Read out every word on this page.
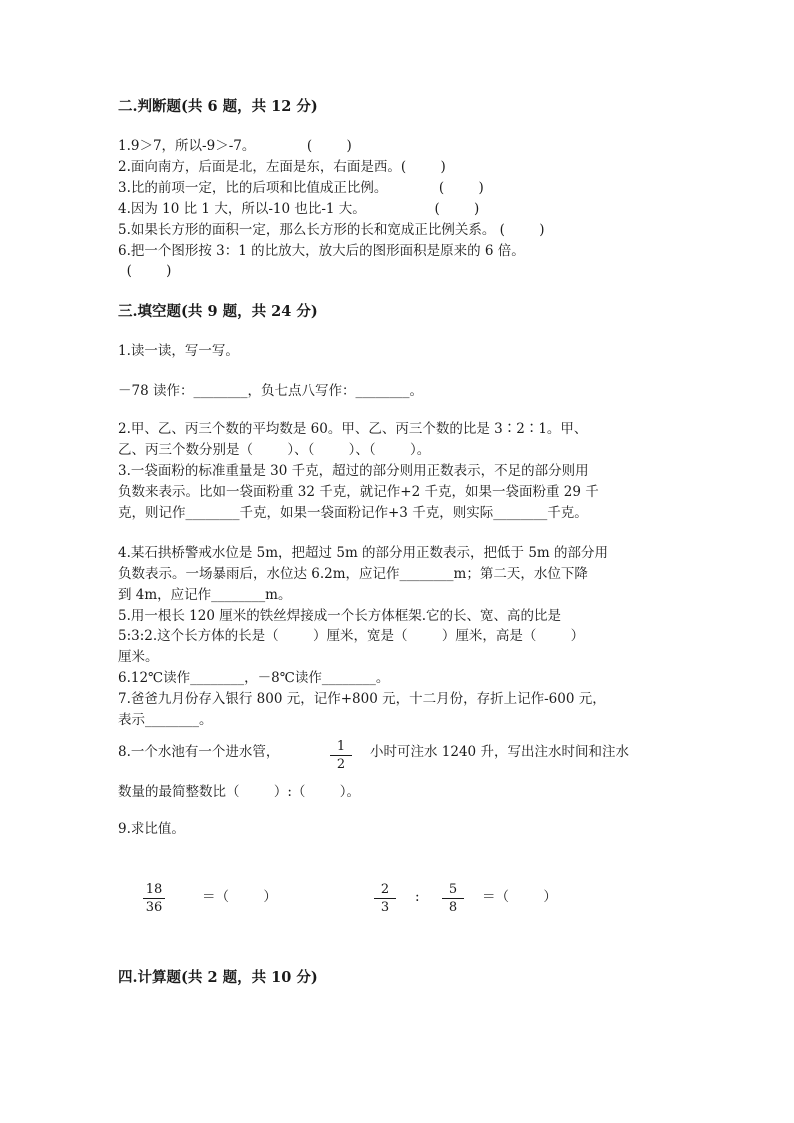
二.判断题(共 6 题，共 12 分)
1.9＞7，所以-9＞-7。            (        )
2.面向南方，后面是北，左面是东，右面是西。(        )
3.比的前项一定，比的后项和比值成正比例。            (        )
4.因为 10 比 1 大，所以-10 也比-1 大。                (        )
5.如果长方形的面积一定，那么长方形的长和宽成正比例关系。 (        )
6.把一个图形按 3：1 的比放大，放大后的图形面积是原来的 6 倍。
(        )
三.填空题(共 9 题，共 24 分)
1.读一读，写一写。
－78 读作：________，负七点八写作：________。
2.甲、乙、丙三个数的平均数是 60。甲、乙、丙三个数的比是 3∶2∶1。甲、
乙、丙三个数分别是（        ）、（        ）、（        ）。
3.一袋面粉的标准重量是 30 千克，超过的部分则用正数表示，不足的部分则用
负数来表示。比如一袋面粉重 32 千克，就记作+2 千克，如果一袋面粉重 29 千
克，则记作________千克，如果一袋面粉记作+3 千克，则实际________千克。
4.某石拱桥警戒水位是 5m，把超过 5m 的部分用正数表示，把低于 5m 的部分用
负数表示。一场暴雨后，水位达 6.2m，应记作________m；第二天，水位下降
到 4m，应记作________m。
5.用一根长 120 厘米的铁丝焊接成一个长方体框架.它的长、宽、高的比是
5:3:2.这个长方体的长是（        ）厘米，宽是（        ）厘米，高是（        ）
厘米。
6.12℃读作________，－8℃读作________。
7.爸爸九月份存入银行 800 元，记作+800 元，十二月份，存折上记作-600 元，
表示________。
8.一个水池有一个进水管，	1
2
小时可注水 1240 升，写出注水时间和注水
数量的最简整数比（        ）:（        ）。
9.求比值。
18
36
＝（        ）	2
3
:	5
8
＝（        ）
四.计算题(共 2 题，共 10 分)
